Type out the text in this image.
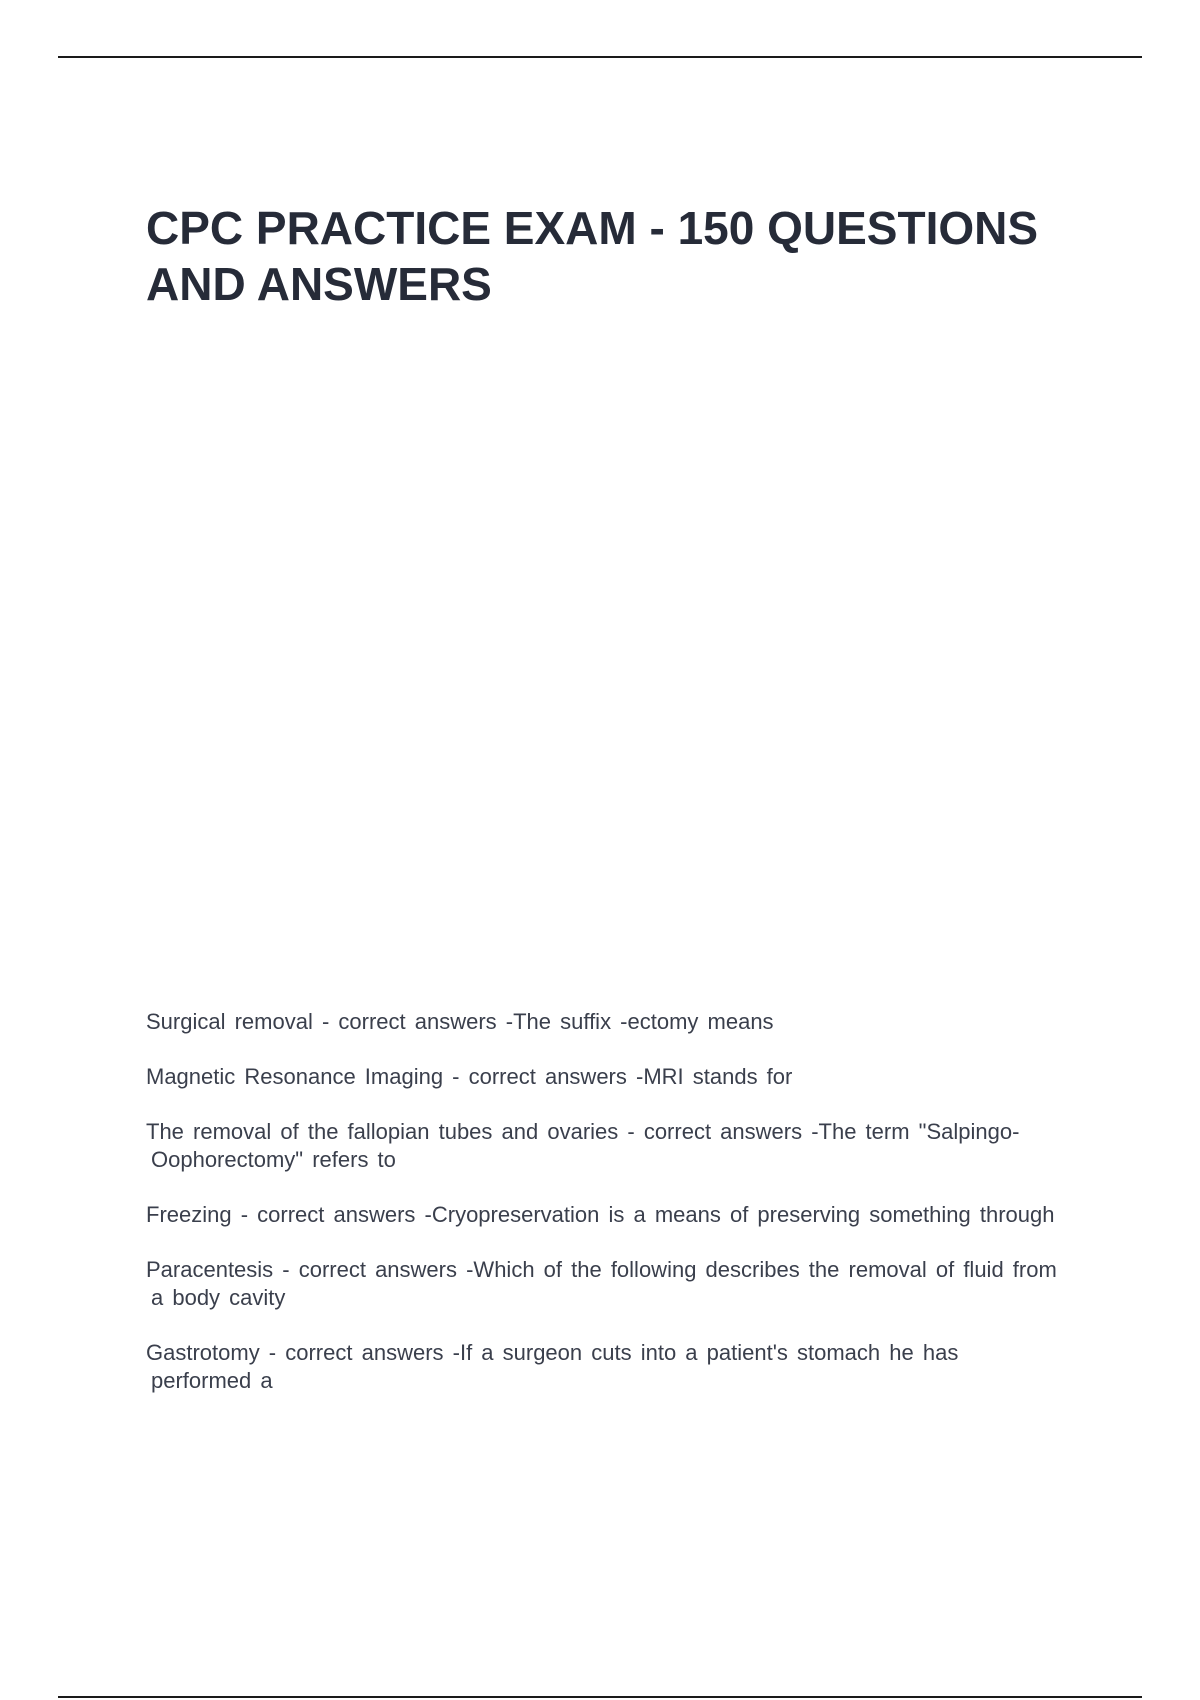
CPC PRACTICE EXAM - 150 QUESTIONS AND ANSWERS
Surgical removal - correct answers -The suffix -ectomy means
Magnetic Resonance Imaging - correct answers -MRI stands for
The removal of the fallopian tubes and ovaries - correct answers -The term "Salpingo-Oophorectomy" refers to
Freezing - correct answers -Cryopreservation is a means of preserving something through
Paracentesis - correct answers -Which of the following describes the removal of fluid from a body cavity
Gastrotomy - correct answers -If a surgeon cuts into a patient's stomach he has performed a
